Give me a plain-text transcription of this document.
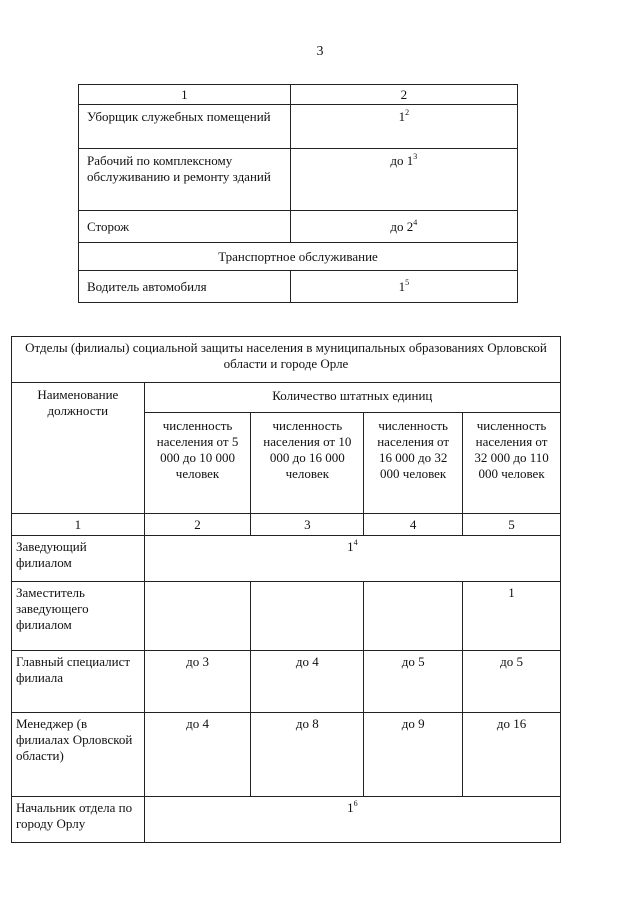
3
1	2
Уборщик служебных помещений	$1^2$
Рабочий по комплексному обслуживанию и ремонту зданий	до $1^3$
Сторож	до $2^4$
Транспортное обслуживание	
Водитель автомобиля	$1^5$
Отделы (филиалы) социальной защиты населения в муниципальных образованиях Орловской области и городе Орле				
Наименование должности	Количество штатных единиц			
	численность населения от 5 000 до 10 000 человек	численность населения от 10 000 до 16 000 человек	численность населения от 16 000 до 32 000 человек	численность населения от 32 000 до 110 000 человек
1	2	3	4	5
Заведующий филиалом	$1^4$
Заместитель заведующего филиалом				1
Главный специалист филиала	до 3	до 4	до 5	до 5
Менеджер (в филиалах Орловской области)	до 4	до 8	до 9	до 16
Начальник отдела по городу Орлу	$1^6$
